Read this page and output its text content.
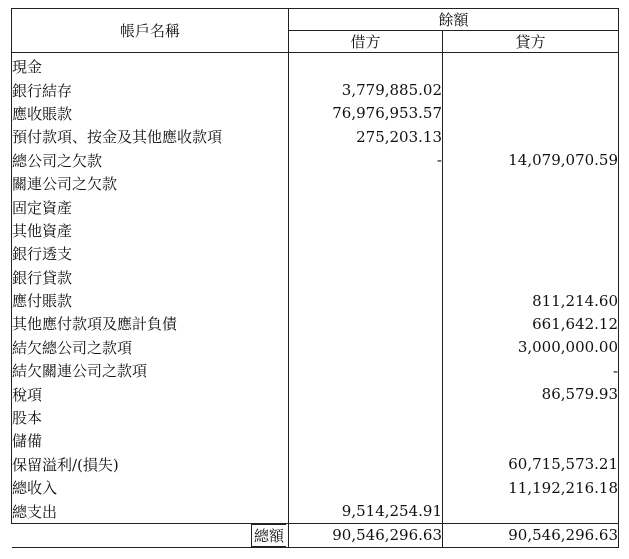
帳戶名稱	餘額	
	借方	貸方
現金		
銀行結存	3,779,885.02	
應收賬款	76,976,953.57	
預付款項、按金及其他應收款項	275,203.13	
總公司之欠款	-	14,079,070.59
關連公司之欠款		
固定資產		
其他資產		
銀行透支		
銀行貸款		
應付賬款		811,214.60
其他應付款項及應計負債		661,642.12
結欠總公司之款項		3,000,000.00
結欠關連公司之款項		-
稅項		86,579.93
股本		
儲備		
保留溢利/(損失)		60,715,573.21
總收入		11,192,216.18
總支出	9,514,254.91	
總額	90,546,296.63	90,546,296.63
